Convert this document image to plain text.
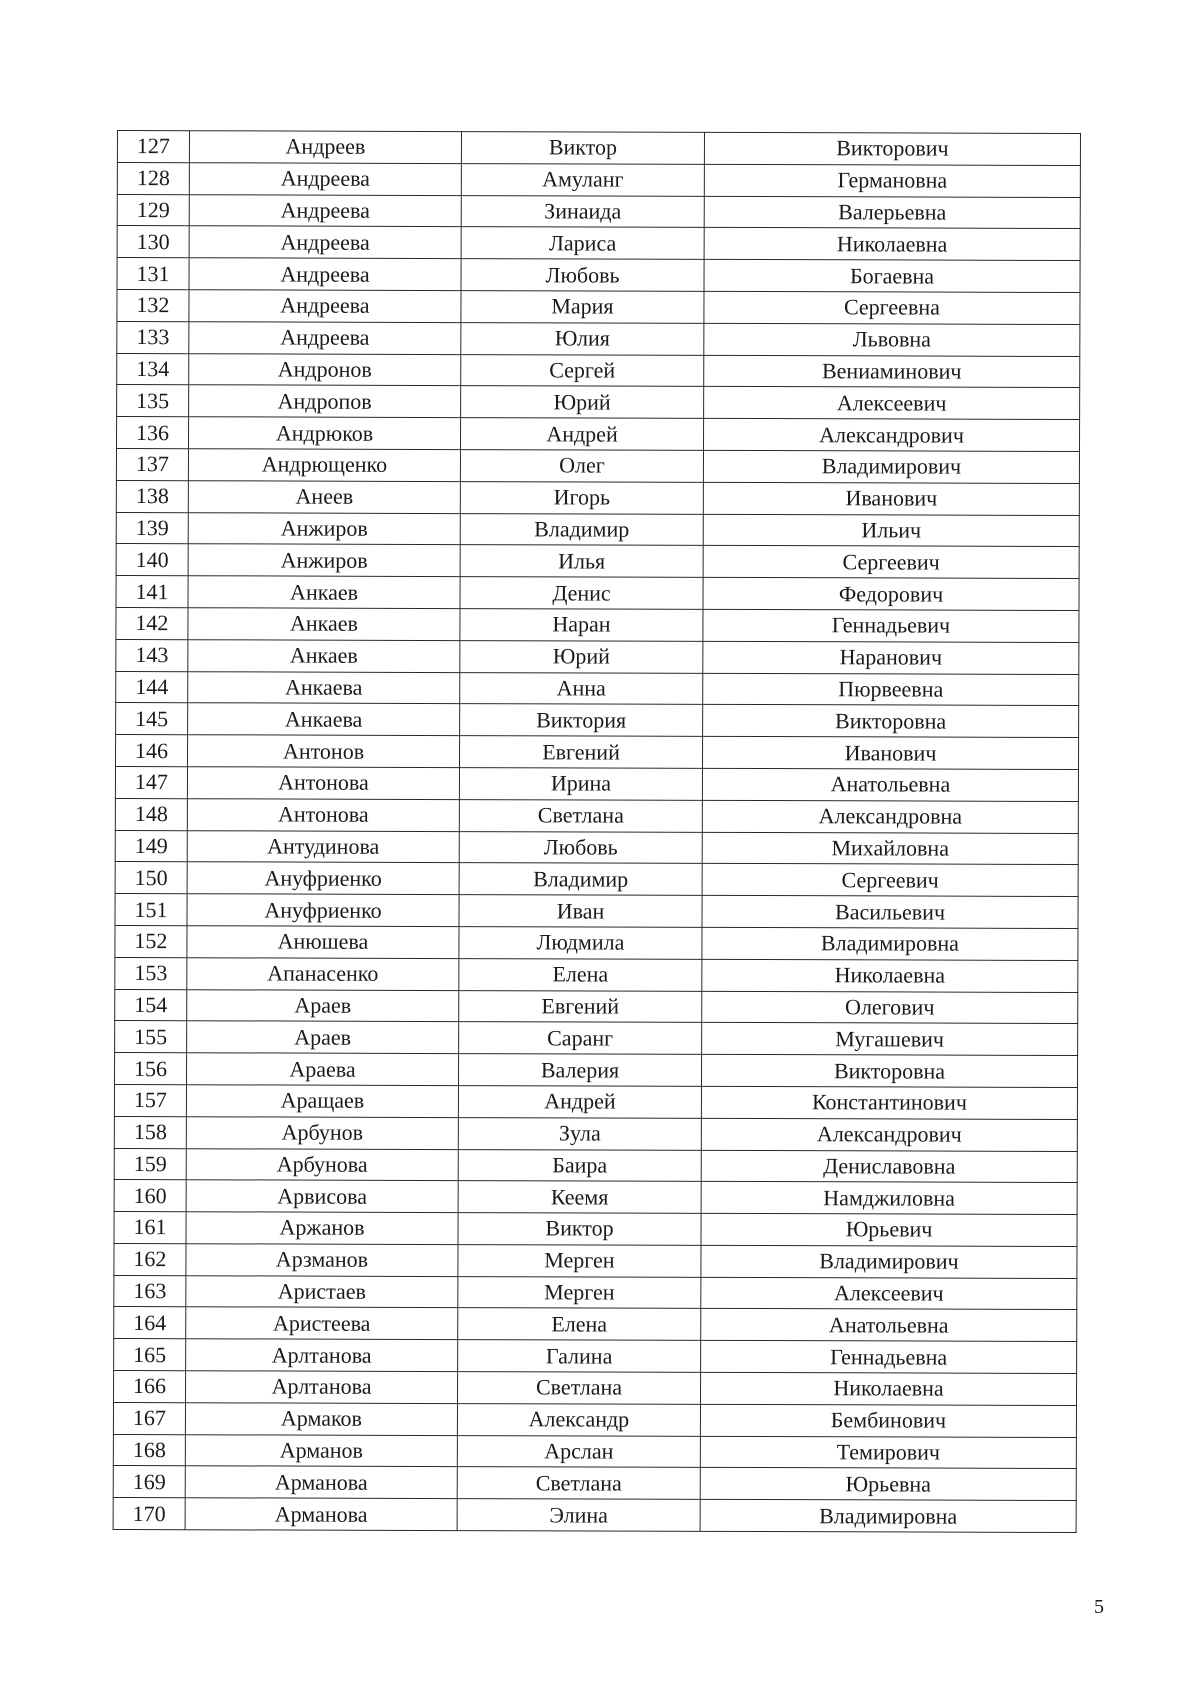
127	Андреев	Виктор	Викторович
128	Андреева	Амуланг	Германовна
129	Андреева	Зинаида	Валерьевна
130	Андреева	Лариса	Николаевна
131	Андреева	Любовь	Богаевна
132	Андреева	Мария	Сергеевна
133	Андреева	Юлия	Львовна
134	Андронов	Сергей	Вениаминович
135	Андропов	Юрий	Алексеевич
136	Андрюков	Андрей	Александрович
137	Андрющенко	Олег	Владимирович
138	Анеев	Игорь	Иванович
139	Анжиров	Владимир	Ильич
140	Анжиров	Илья	Сергеевич
141	Анкаев	Денис	Федорович
142	Анкаев	Наран	Геннадьевич
143	Анкаев	Юрий	Наранович
144	Анкаева	Анна	Пюрвеевна
145	Анкаева	Виктория	Викторовна
146	Антонов	Евгений	Иванович
147	Антонова	Ирина	Анатольевна
148	Антонова	Светлана	Александровна
149	Антудинова	Любовь	Михайловна
150	Ануфриенко	Владимир	Сергеевич
151	Ануфриенко	Иван	Васильевич
152	Анюшева	Людмила	Владимировна
153	Апанасенко	Елена	Николаевна
154	Араев	Евгений	Олегович
155	Араев	Саранг	Мугашевич
156	Араева	Валерия	Викторовна
157	Аращаев	Андрей	Константинович
158	Арбунов	Зула	Александрович
159	Арбунова	Баира	Дениславовна
160	Арвисова	Кеемя	Намджиловна
161	Аржанов	Виктор	Юрьевич
162	Арзманов	Мерген	Владимирович
163	Аристаев	Мерген	Алексеевич
164	Аристеева	Елена	Анатольевна
165	Арлтанова	Галина	Геннадьевна
166	Арлтанова	Светлана	Николаевна
167	Армаков	Александр	Бембинович
168	Арманов	Арслан	Темирович
169	Арманова	Светлана	Юрьевна
170	Арманова	Элина	Владимировна
5
